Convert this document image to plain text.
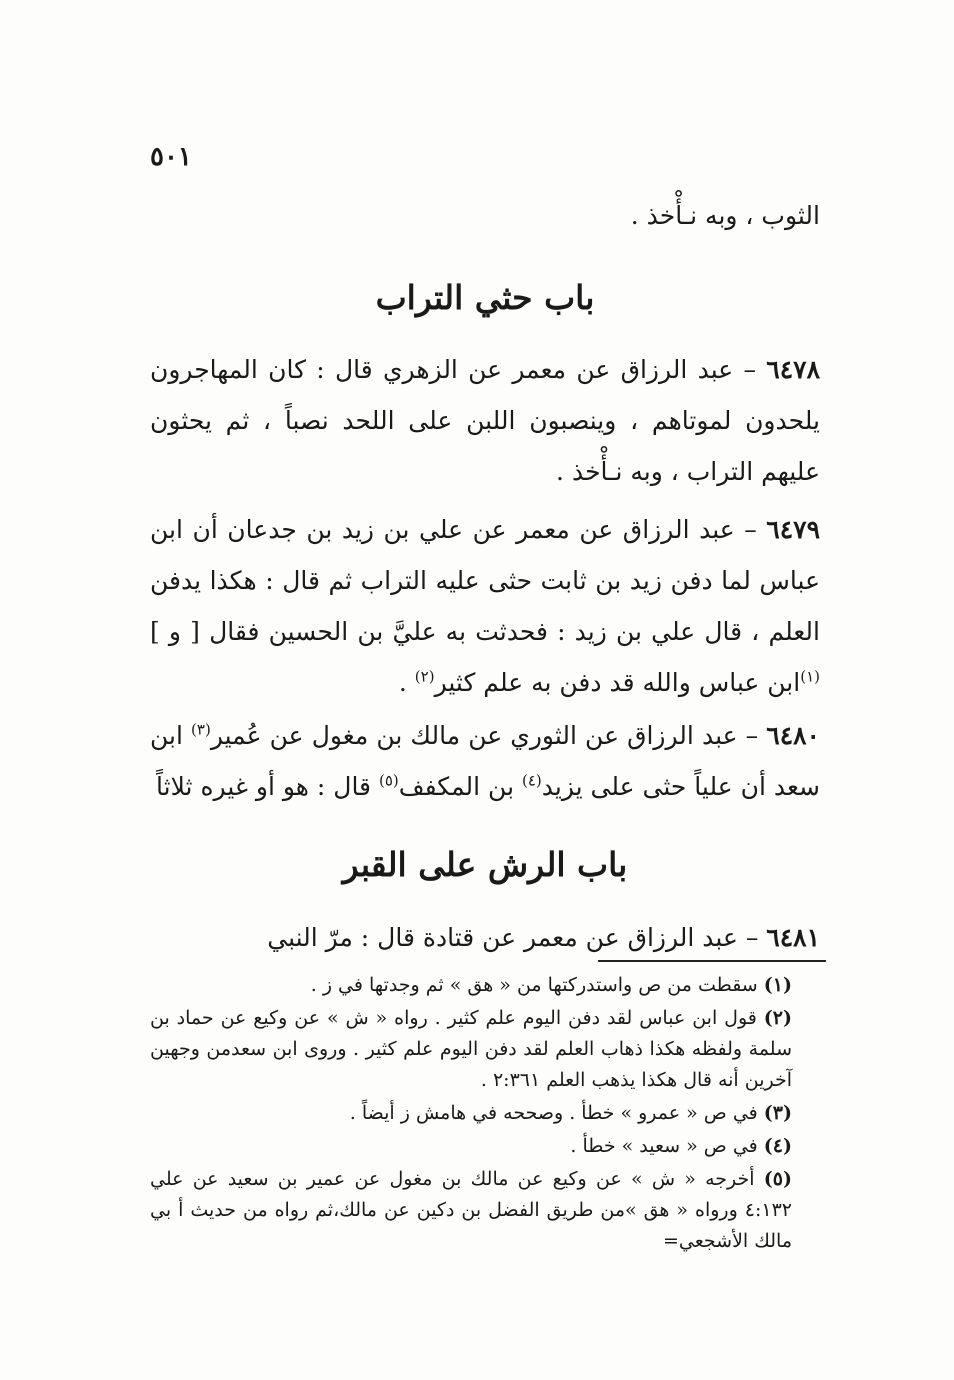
٥٠١
الثوب ، وبه نـأْخذ .
باب حثي التراب
٦٤٧٨ – عبد الرزاق عن معمر عن الزهري قال : كان المهاجرون يلحدون لموتاهم ، وينصبون اللبن على اللحد نصباً ، ثم يحثون عليهم التراب ، وبه نـأْخذ .
٦٤٧٩ – عبد الرزاق عن معمر عن علي بن زيد بن جدعان أن ابن عباس لما دفن زيد بن ثابت حثى عليه التراب ثم قال : هكذا يدفن العلم ، قال علي بن زيد : فحدثت به عليَّ بن الحسين فقال [ و ]$^{(١)}$ابن عباس والله قد دفن به علم كثير$^{(٢)}$ .
٦٤٨٠ – عبد الرزاق عن الثوري عن مالك بن مغول عن عُمير$^{(٣)}$ ابن سعد أن علياً حثى على يزيد$^{(٤)}$ بن المكفف$^{(٥)}$ قال : هو أو غيره ثلاثاً
باب الرش على القبر
٦٤٨١ – عبد الرزاق عن معمر عن قتادة قال : مرّ النبي

(١) سقطت من ص واستدركتها من « هق » ثم وجدتها في ز .

(٢) قول ابن عباس لقد دفن اليوم علم كثير . رواه « ش » عن وكيع عن حماد بن سلمة ولفظه هكذا ذهاب العلم لقد دفن اليوم علم كثير . وروى ابن سعدمن وجهين آخرين أنه قال هكذا يذهب العلم ٢:٣٦١ .

(٣) في ص « عمرو » خطأ . وصححه في هامش ز أيضاً .

(٤) في ص « سعيد » خطأ .

(٥) أخرجه « ش » عن وكيع عن مالك بن مغول عن عمير بن سعيد عن علي ٤:١٣٢ ورواه « هق »من طريق الفضل بن دكين عن مالك،ثم رواه من حديث أ بي مالك الأشجعي=
